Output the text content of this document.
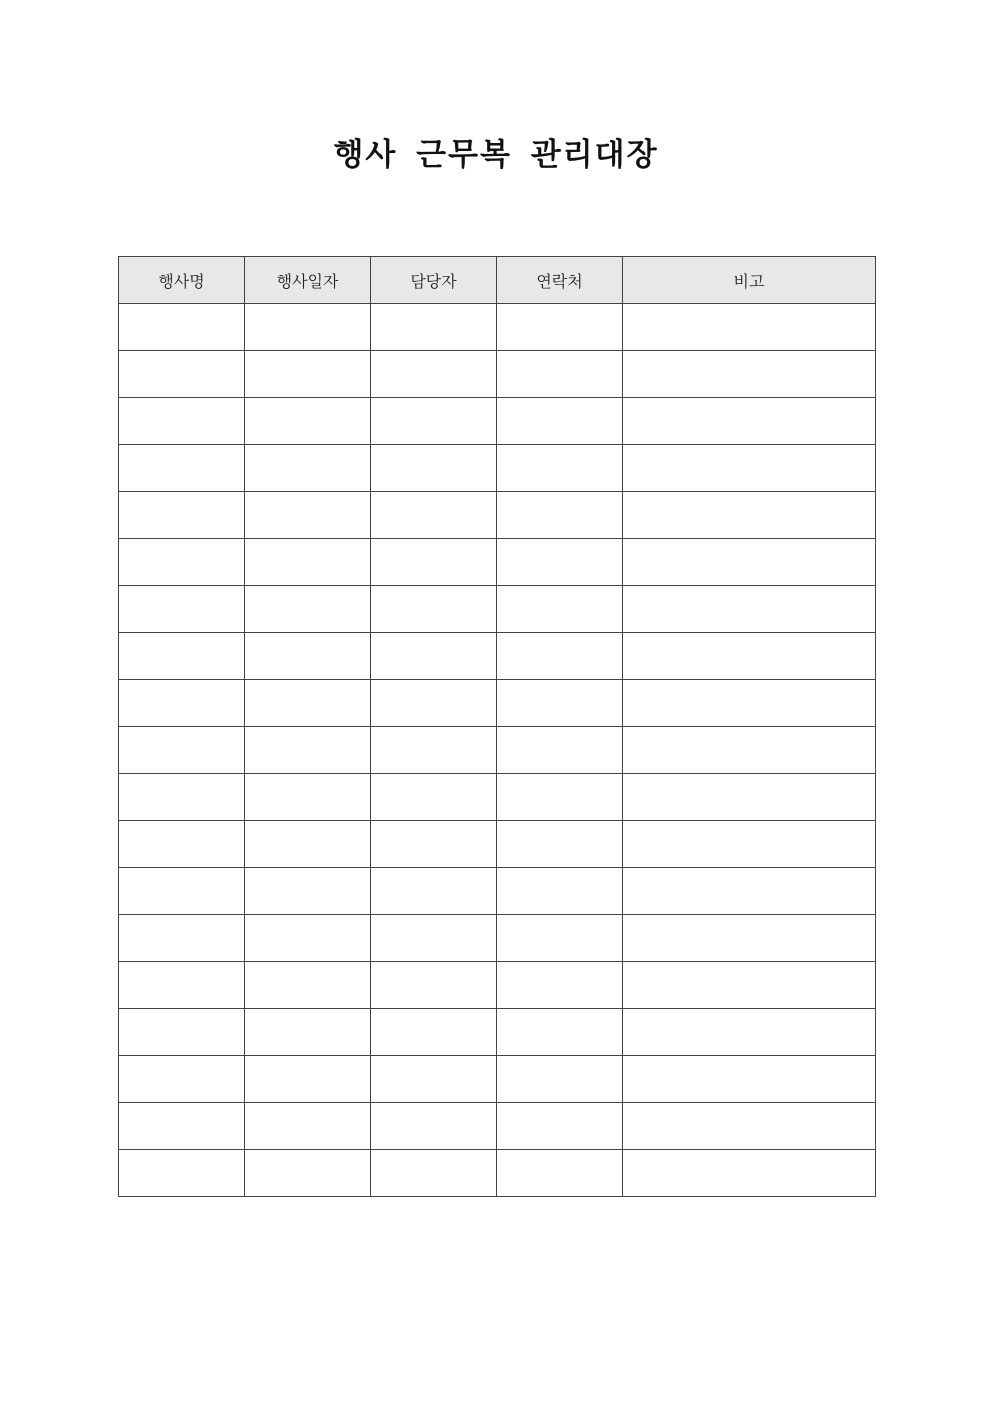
행사 근무복 관리대장
행사명	행사일자	담당자	연락처	비고
